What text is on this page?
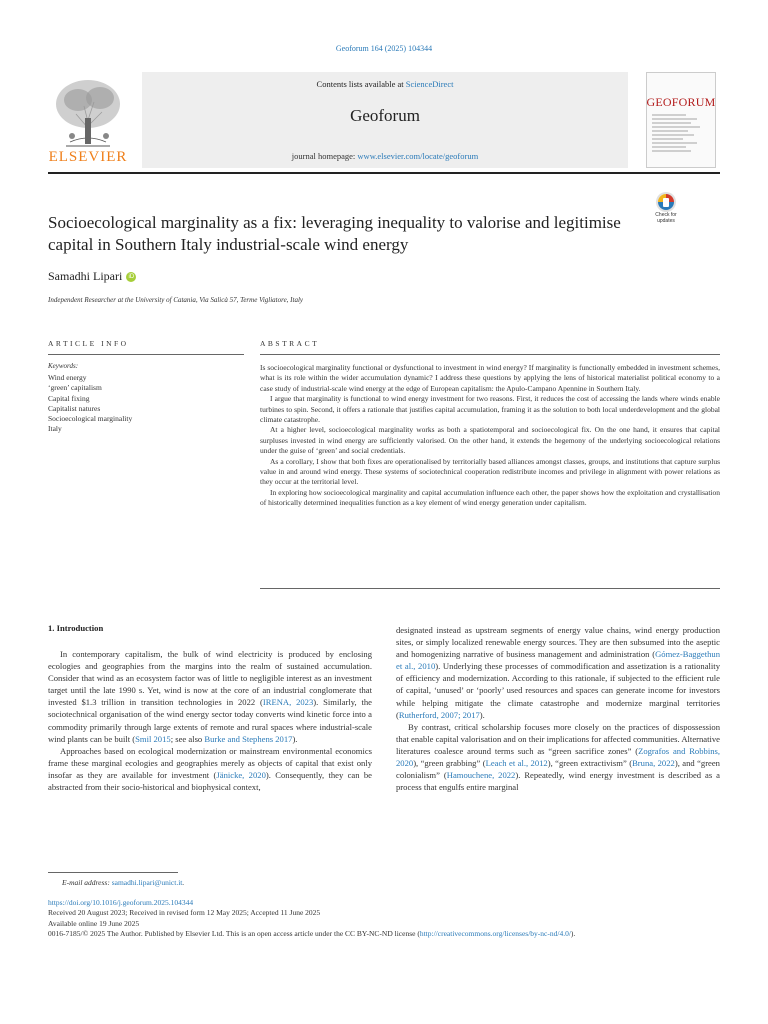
Geoforum 164 (2025) 104344
ELSEVIER
Contents lists available at ScienceDirect
Geoforum
journal homepage: www.elsevier.com/locate/geoforum
GEOFORUM
Check for
updates
Socioecological marginality as a fix: leveraging inequality to valorise and legitimise capital in Southern Italy industrial-scale wind energy
Samadhi Lipari iD
Independent Researcher at the University of Catania, Via Salicà 57, Terme Vigliatore, Italy
ARTICLE INFO	ABSTRACT
Keywords:
Wind energy
‘green’ capitalism
Capital fixing
Capitalist natures
Socioecological marginality
Italy

Is socioecological marginality functional or dysfunctional to investment in wind energy? If marginality is functionally embedded in investment schemes, what is its role within the wider accumulation dynamic? I address these questions by applying the lens of historical materialist political economy to a case study of industrial-scale wind energy at the edge of European capitalism: the Apulo-Campano Apennine in Southern Italy.

I argue that marginality is functional to wind energy investment for two reasons. First, it reduces the cost of accessing the lands where winds enable turbines to spin. Second, it offers a rationale that justifies capital accumulation, framing it as the solution to both local underdevelopment and the global climate catastrophe.

At a higher level, socioecological marginality works as both a spatiotemporal and socioecological fix. On the one hand, it ensures that capital surpluses invested in wind energy are sufficiently valorised. On the other hand, it extends the hegemony of the underlying socioecological relations under the guise of ‘green’ and social credentials.

As a corollary, I show that both fixes are operationalised by territorially based alliances amongst classes, groups, and institutions that capture surplus value in and around wind energy. These systems of sociotechnical cooperation redistribute incomes and privilege in alignment with power relations as they occur at the territorial level.

In exploring how socioecological marginality and capital accumulation influence each other, the paper shows how the exploitation and crystallisation of historically determined inequalities function as a key element of wind energy generation under capitalism.

1. Introduction

In contemporary capitalism, the bulk of wind electricity is produced by enclosing ecologies and geographies from the margins into the realm of sustained accumulation. Consider that wind as an ecosystem factor was of little to negligible interest as an investment target until the late 1990 s. Yet, wind is now at the core of an industrial conglomerate that invested $1.3 trillion in transition technologies in 2022 (IRENA, 2023). Similarly, the sociotechnical organisation of the wind energy sector today converts wind kinetic force into a commodity primarily through large extents of remote and rural spaces where industrial-scale wind plants can be built (Smil 2015; see also Burke and Stephens 2017).

Approaches based on ecological modernization or mainstream environmental economics frame these marginal ecologies and geographies merely as objects of capital that exist only insofar as they are available for investment (Jänicke, 2020). Consequently, they can be abstracted from their socio-historical and biophysical context,

designated instead as upstream segments of energy value chains, wind energy production sites, or simply localized renewable energy sources. They are then subsumed into the aseptic and homogenizing narrative of business management and administration (Gómez-Baggethun et al., 2010). Underlying these processes of commodification and assetization is a rationality of efficiency and modernization. According to this rationale, if subjected to the efficient rule of capital, ‘unused’ or ‘poorly’ used resources and spaces can generate income for investors while helping mitigate the climate catastrophe and modernize marginal territories (Rutherford, 2007; 2017).

By contrast, critical scholarship focuses more closely on the practices of dispossession that enable capital valorisation and on their implications for affected communities. Alternative literatures coalesce around terms such as “green sacrifice zones” (Zografos and Robbins, 2020), “green grabbing” (Leach et al., 2012), “green extractivism” (Bruna, 2022), and “green colonialism” (Hamouchene, 2022). Repeatedly, wind energy investment is described as a process that engulfs entire marginal

E-mail address: samadhi.lipari@unict.it.
https://doi.org/10.1016/j.geoforum.2025.104344
Received 20 August 2023; Received in revised form 12 May 2025; Accepted 11 June 2025
Available online 19 June 2025
0016-7185/© 2025 The Author. Published by Elsevier Ltd. This is an open access article under the CC BY-NC-ND license (http://creativecommons.org/licenses/by-nc-nd/4.0/).
